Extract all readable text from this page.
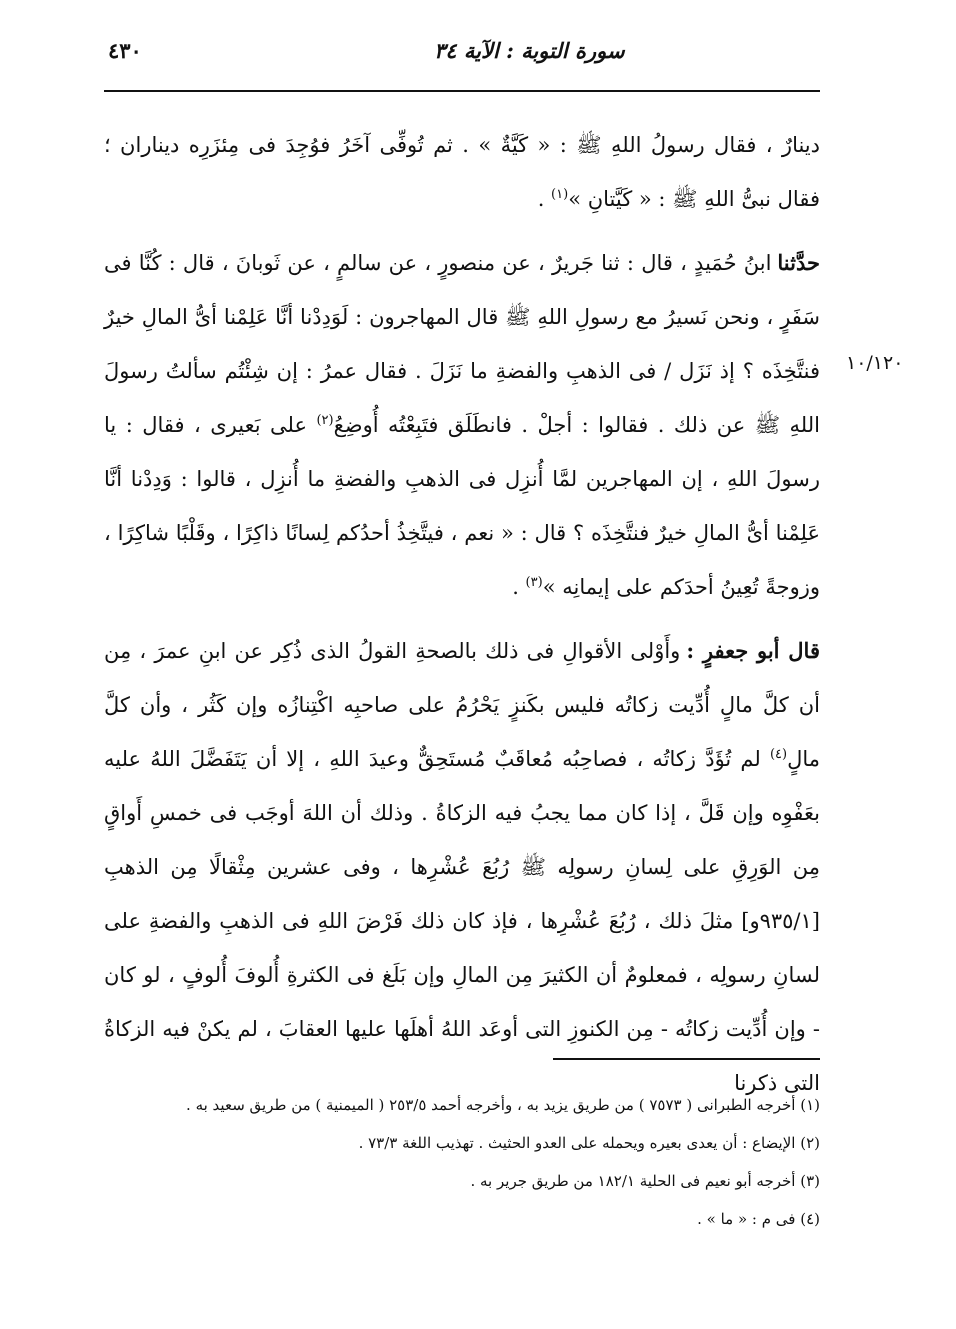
٤٣٠	سورة التوبة : الآية ٣٤
١٠/١٢٠

دينارٌ ، فقال رسولُ اللهِ ﷺ : « كَيَّةٌ » . ثم تُوفِّى آخَرُ فوُجِدَ فى مِئزَرِه ديناران ؛ فقال نبىُّ اللهِ ﷺ : « كَيَّتانِ »$^{(١)}$ .

حدَّثناابنُ حُمَيدٍ ، قال : ثنا جَريرٌ ، عن منصورٍ ، عن سالمٍ ، عن ثَوبانَ ، قال : كُنَّا فى سَفَرٍ ، ونحن نَسيرُ مع رسولِ اللهِ ﷺ قال المهاجرون : لَوَدِدْنا أنَّا عَلِمْنا أىُّ المالِ خيرٌ فنتَّخِذَه ؟ إذ نَزَل / فى الذهبِ والفضةِ ما نَزَلَ . فقال عمرُ : إن شِئْتُم سألتُ رسولَ اللهِ ﷺ عن ذلك . فقالوا : أجلْ . فانطَلَق فتَبِعْتُه أُوضِعُ$^{(٢)}$ على بَعيرى ، فقال : يا رسولَ اللهِ ، إن المهاجرين لمَّا أُنزِل فى الذهبِ والفضةِ ما أُنزِل ، قالوا : وَدِدْنا أنَّا عَلِمْنا أىُّ المالِ خيرٌ فنتَّخِذَه ؟ قال : « نعم ، فيتَّخِذُ أحدُكم لِسانًا ذاكِرًا ، وقَلْبًا شاكِرًا ، وزوجةً تُعِينُ أحدَكم على إيمانِه »$^{(٣)}$ .

قال أبو جعفرٍ :وأَوْلى الأقوالِ فى ذلك بالصحةِ القولُ الذى ذُكِر عن ابنِ عمرَ ، مِن أن كلَّ مالٍ أُدِّيت زكاتُه فليس بكَنزٍ يَحْرُمُ على صاحبِه اكْتِنازُه وإن كَثُر ، وأن كلَّ مالٍ$^{(٤)}$ لم تُؤَدَّ زكاتُه ، فصاحِبُه مُعاقَبٌ مُستَحِقٌّ وعيدَ اللهِ ، إلا أن يَتَفَضَّلَ اللهُ عليه بعَفْوِه وإن قَلَّ ، إذا كان مما يجبُ فيه الزكاةُ . وذلك أن اللهَ أوجَب فى خمسِ أَواقٍ مِن الوَرِقِ على لِسانِ رسولِه ﷺ رُبُعَ عُشْرِها ، وفى عشرين مِثْقالًا مِن الذهبِ [٩٣٥/١و] مثلَ ذلك ، رُبُعَ عُشْرِها ، فإذ كان ذلك فَرْضَ اللهِ فى الذهبِ والفضةِ على لسانِ رسولِه ، فمعلومٌ أن الكثيرَ مِن المالِ وإن بَلَغ فى الكثرةِ أُلوفَ أُلوفٍ ، لو كان - وإن أُدِّيت زكاتُه - مِن الكنوزِ التى أوعَد اللهُ أهلَها عليها العقابَ ، لم يكنْ فيه الزكاةُ التى ذكرنا

(١) أخرجه الطبرانى ( ٧٥٧٣ ) من طريق يزيد به ، وأخرجه أحمد ٢٥٣/٥ ( الميمنية ) من طريق سعيد به .

(٢) الإيضاع : أن يعدى بعيره ويحمله على العدو الحثيث . تهذيب اللغة ٧٣/٣ .

(٣) أخرجه أبو نعيم فى الحلية ١٨٢/١ من طريق جرير به .

(٤) فى م : « ما » .
